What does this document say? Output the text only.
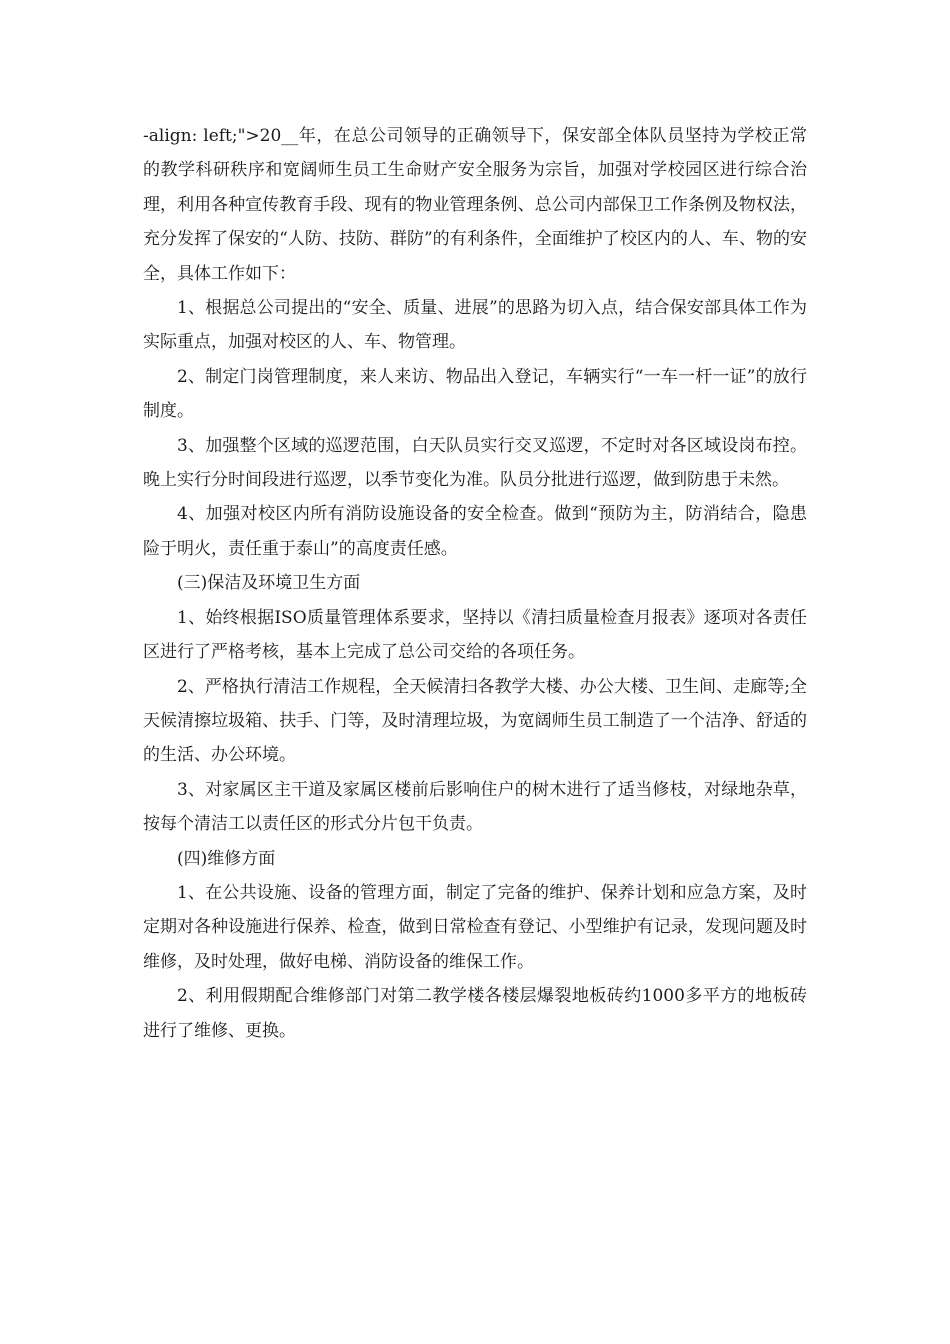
-align: left;">20__年，在总公司领导的正确领导下，保安部全体队员坚持为学校正常的教学科研秩序和宽阔师生员工生命财产安全服务为宗旨，加强对学校园区进行综合治理，利用各种宣传教育手段、现有的物业管理条例、总公司内部保卫工作条例及物权法，充分发挥了保安的“人防、技防、群防”的有利条件，全面维护了校区内的人、车、物的安全，具体工作如下：

1、根据总公司提出的“安全、质量、进展”的思路为切入点，结合保安部具体工作为实际重点，加强对校区的人、车、物管理。

2、制定门岗管理制度，来人来访、物品出入登记，车辆实行“一车一杆一证”的放行制度。

3、加强整个区域的巡逻范围，白天队员实行交叉巡逻，不定时对各区域设岗布控。晚上实行分时间段进行巡逻，以季节变化为准。队员分批进行巡逻，做到防患于未然。

4、加强对校区内所有消防设施设备的安全检查。做到“预防为主，防消结合，隐患险于明火，责任重于泰山”的高度责任感。

(三)保洁及环境卫生方面

1、始终根据ISO质量管理体系要求，坚持以《清扫质量检查月报表》逐项对各责任区进行了严格考核，基本上完成了总公司交给的各项任务。

2、严格执行清洁工作规程，全天候清扫各教学大楼、办公大楼、卫生间、走廊等;全天候清擦垃圾箱、扶手、门等，及时清理垃圾，为宽阔师生员工制造了一个洁净、舒适的的生活、办公环境。

3、对家属区主干道及家属区楼前后影响住户的树木进行了适当修枝，对绿地杂草，按每个清洁工以责任区的形式分片包干负责。

(四)维修方面

1、在公共设施、设备的管理方面，制定了完备的维护、保养计划和应急方案，及时定期对各种设施进行保养、检查，做到日常检查有登记、小型维护有记录，发现问题及时维修，及时处理，做好电梯、消防设备的维保工作。

2、利用假期配合维修部门对第二教学楼各楼层爆裂地板砖约1000多平方的地板砖进行了维修、更换。
